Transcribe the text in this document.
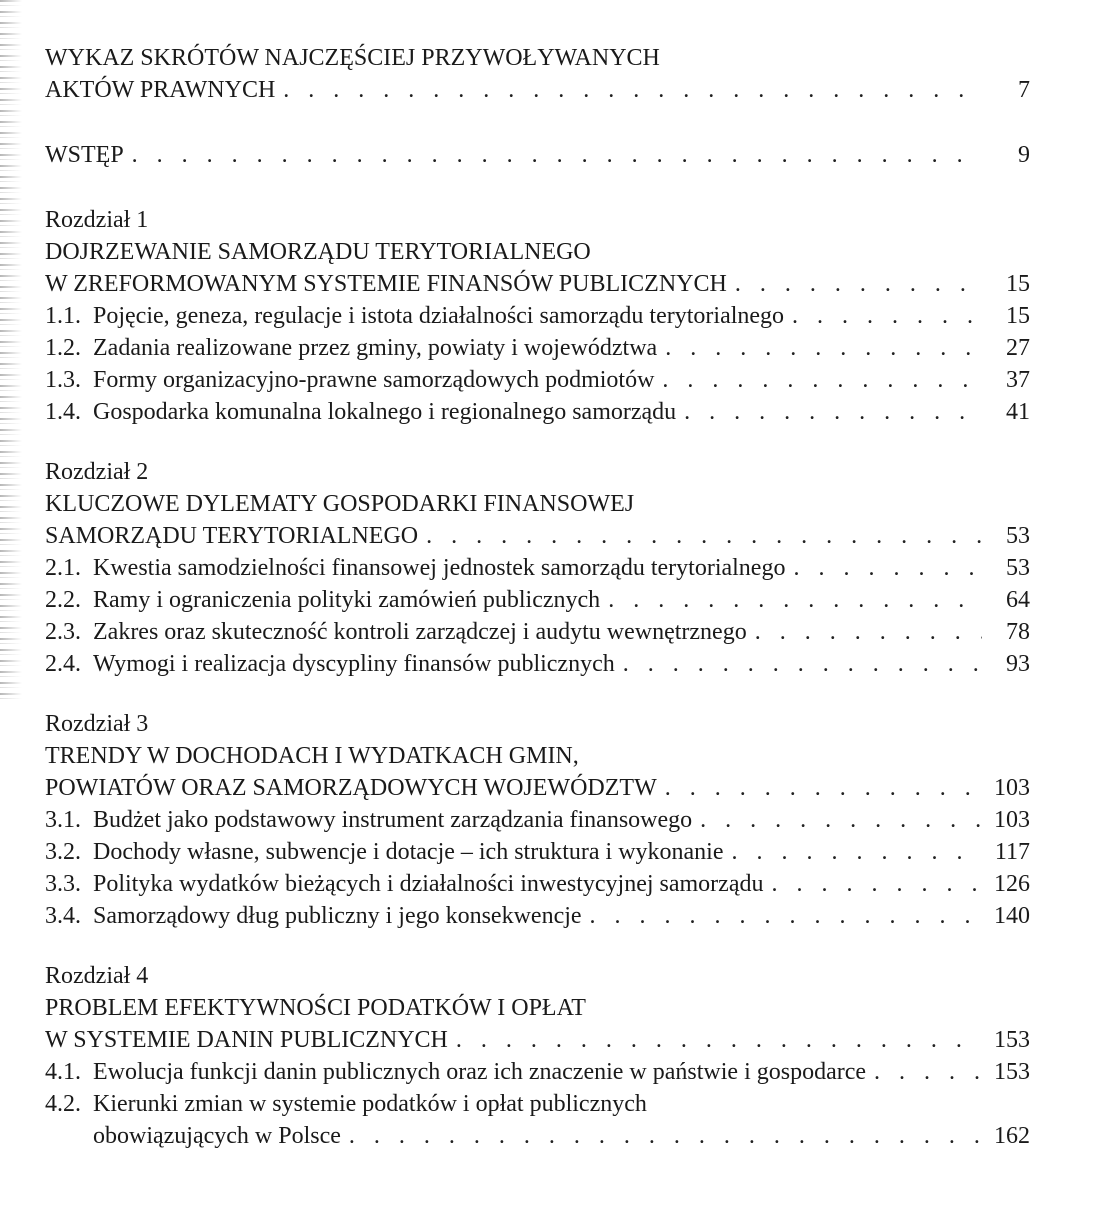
WYKAZ SKRÓTÓW NAJCZĘŚCIEJ PRZYWOŁYWANYCH
AKTÓW PRAWNYCH . . .	7
WSTĘP . . .	9
Rozdział 1
DOJRZEWANIE SAMORZĄDU TERYTORIALNEGO
W ZREFORMOWANYM SYSTEMIE FINANSÓW PUBLICZNYCH . . .	15
1.1. Pojęcie, geneza, regulacje i istota działalności samorządu terytorialnego . . .	15
1.2. Zadania realizowane przez gminy, powiaty i województwa . . .	27
1.3. Formy organizacyjno-prawne samorządowych podmiotów . . .	37
1.4. Gospodarka komunalna lokalnego i regionalnego samorządu . . .	41
Rozdział 2
KLUCZOWE DYLEMATY GOSPODARKI FINANSOWEJ
SAMORZĄDU TERYTORIALNEGO . . .	53
2.1. Kwestia samodzielności finansowej jednostek samorządu terytorialnego . . .	53
2.2. Ramy i ograniczenia polityki zamówień publicznych . . .	64
2.3. Zakres oraz skuteczność kontroli zarządczej i audytu wewnętrznego . . .	78
2.4. Wymogi i realizacja dyscypliny finansów publicznych . . .	93
Rozdział 3
TRENDY W DOCHODACH I WYDATKACH GMIN,
POWIATÓW ORAZ SAMORZĄDOWYCH WOJEWÓDZTW . . .	103
3.1. Budżet jako podstawowy instrument zarządzania finansowego . . .	103
3.2. Dochody własne, subwencje i dotacje – ich struktura i wykonanie . . .	117
3.3. Polityka wydatków bieżących i działalności inwestycyjnej samorządu . . .	126
3.4. Samorządowy dług publiczny i jego konsekwencje . . .	140
Rozdział 4
PROBLEM EFEKTYWNOŚCI PODATKÓW I OPŁAT
W SYSTEMIE DANIN PUBLICZNYCH . . .	153
4.1. Ewolucja funkcji danin publicznych oraz ich znaczenie w państwie i gospodarce . . .	153
4.2. Kierunki zmian w systemie podatków i opłat publicznych
obowiązujących w Polsce . . .	162
